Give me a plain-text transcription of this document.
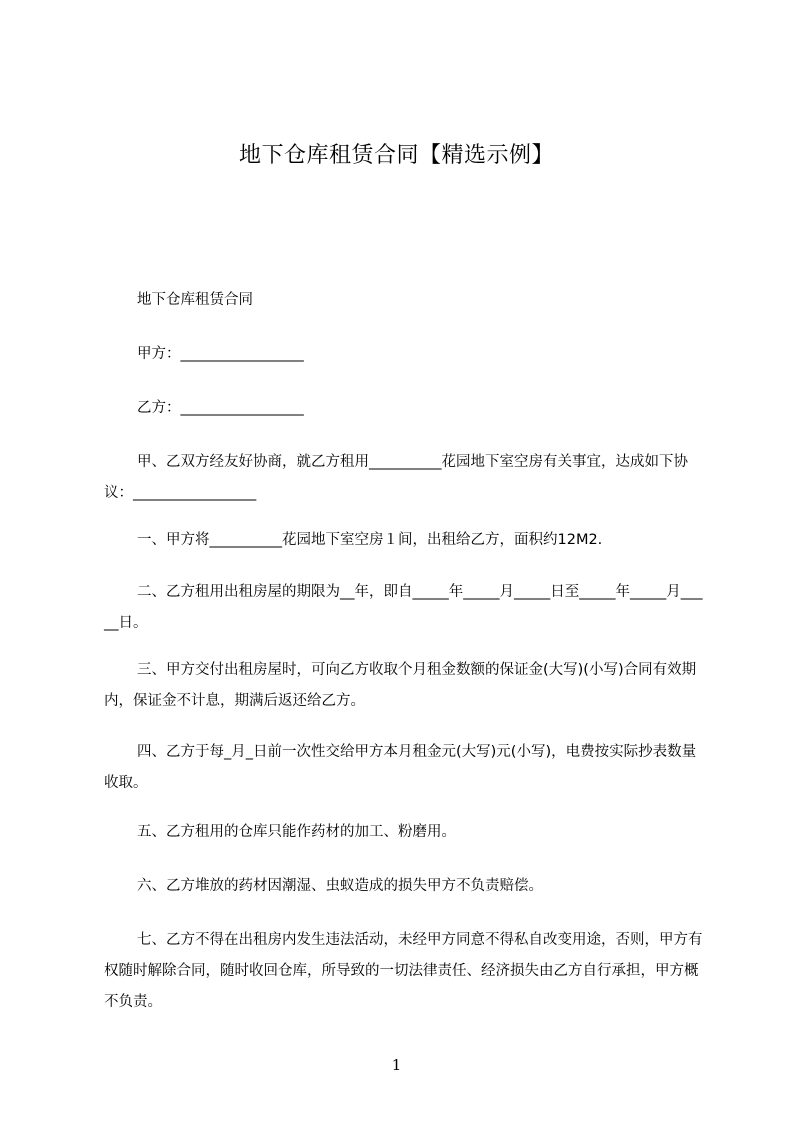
地下仓库租赁合同【精选示例】
地下仓库租赁合同
甲方：_________________
乙方：_________________
甲、乙双方经友好协商，就乙方租用__________花园地下室空房有关事宜，达成如下协议：_________________
一、甲方将__________花园地下室空房１间，出租给乙方，面积约12M2.
二、乙方租用出租房屋的期限为__年，即自_____年_____月_____日至_____年_____月_____日。
三、甲方交付出租房屋时，可向乙方收取个月租金数额的保证金(大写)(小写)合同有效期内，保证金不计息，期满后返还给乙方。
四、乙方于每_月_日前一次性交给甲方本月租金元(大写)元(小写)，电费按实际抄表数量收取。
五、乙方租用的仓库只能作药材的加工、粉磨用。
六、乙方堆放的药材因潮湿、虫蚁造成的损失甲方不负责赔偿。
七、乙方不得在出租房内发生违法活动，未经甲方同意不得私自改变用途，否则，甲方有权随时解除合同，随时收回仓库，所导致的一切法律责任、经济损失由乙方自行承担，甲方概不负责。
1
